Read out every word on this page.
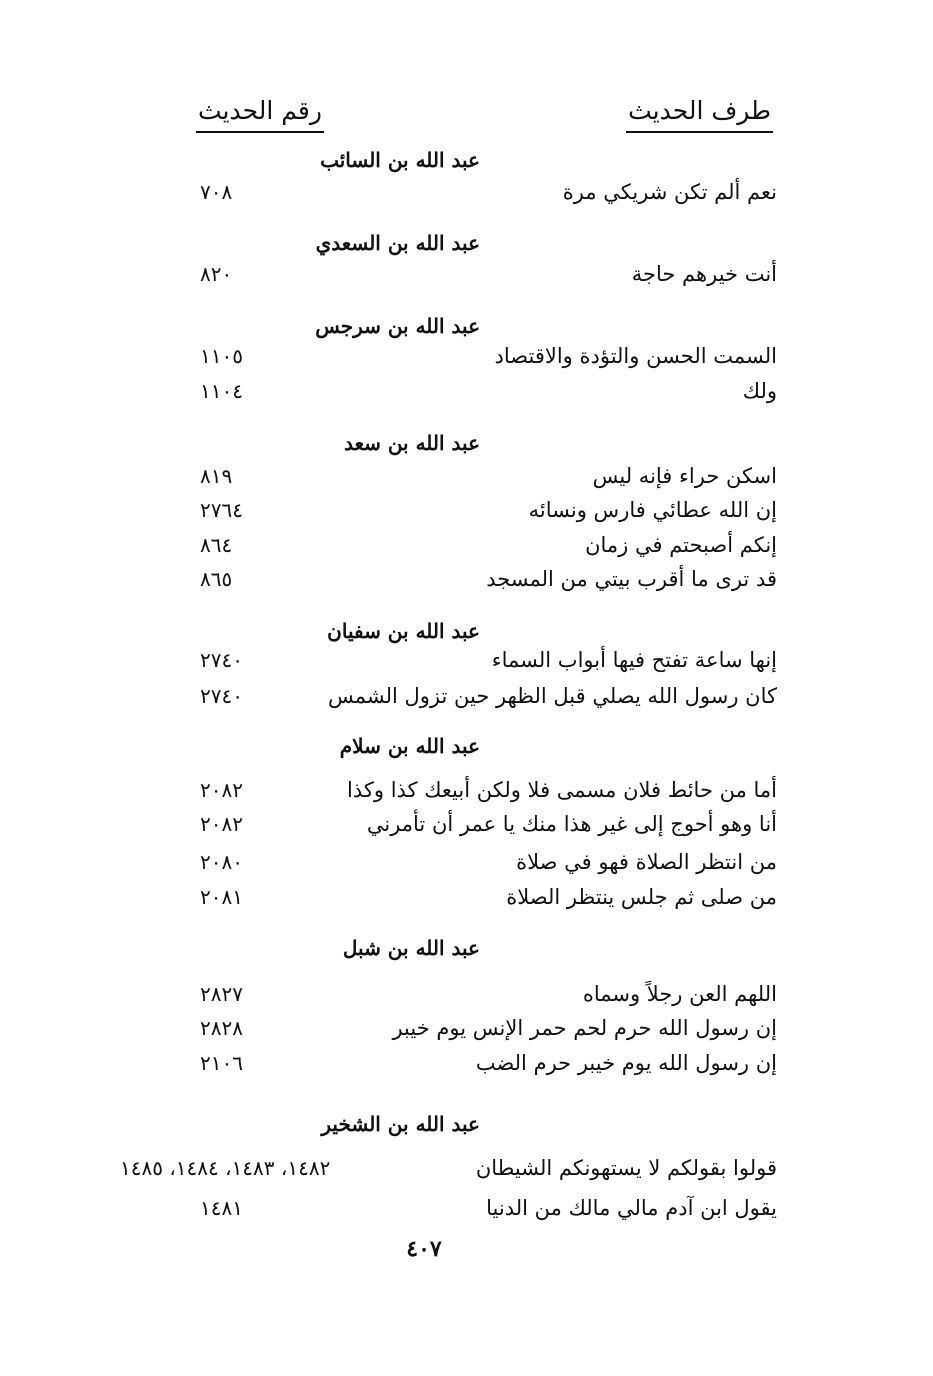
طرف الحديث
رقم الحديث
عبد الله بن السائب
نعم ألم تكن شريكي مرة
٧٠٨
عبد الله بن السعدي
أنت خيرهم حاجة
٨٢٠
عبد الله بن سرجس
السمت الحسن والتؤدة والاقتصاد
١١٠٥
ولك
١١٠٤
عبد الله بن سعد
اسكن حراء فإنه ليس
٨١٩
إن الله عطائي فارس ونسائه
٢٧٦٤
إنكم أصبحتم في زمان
٨٦٤
قد ترى ما أقرب بيتي من المسجد
٨٦٥
عبد الله بن سفيان
إنها ساعة تفتح فيها أبواب السماء
٢٧٤٠
كان رسول الله يصلي قبل الظهر حين تزول الشمس
٢٧٤٠
عبد الله بن سلام
أما من حائط فلان مسمى فلا ولكن أبيعك كذا وكذا
٢٠٨٢
أنا وهو أحوج إلى غير هذا منك يا عمر أن تأمرني
٢٠٨٢
من انتظر الصلاة فهو في صلاة
٢٠٨٠
من صلى ثم جلس ينتظر الصلاة
٢٠٨١
عبد الله بن شبل
اللهم العن رجلاً وسماه
٢٨٢٧
إن رسول الله حرم لحم حمر الإنس يوم خيبر
٢٨٢٨
إن رسول الله يوم خيبر حرم الضب
٢١٠٦
عبد الله بن الشخير
قولوا بقولكم لا يستهونكم الشيطان
١٤٨٢، ١٤٨٣، ١٤٨٤، ١٤٨٥
يقول ابن آدم مالي مالك من الدنيا
١٤٨١
٤٠٧
